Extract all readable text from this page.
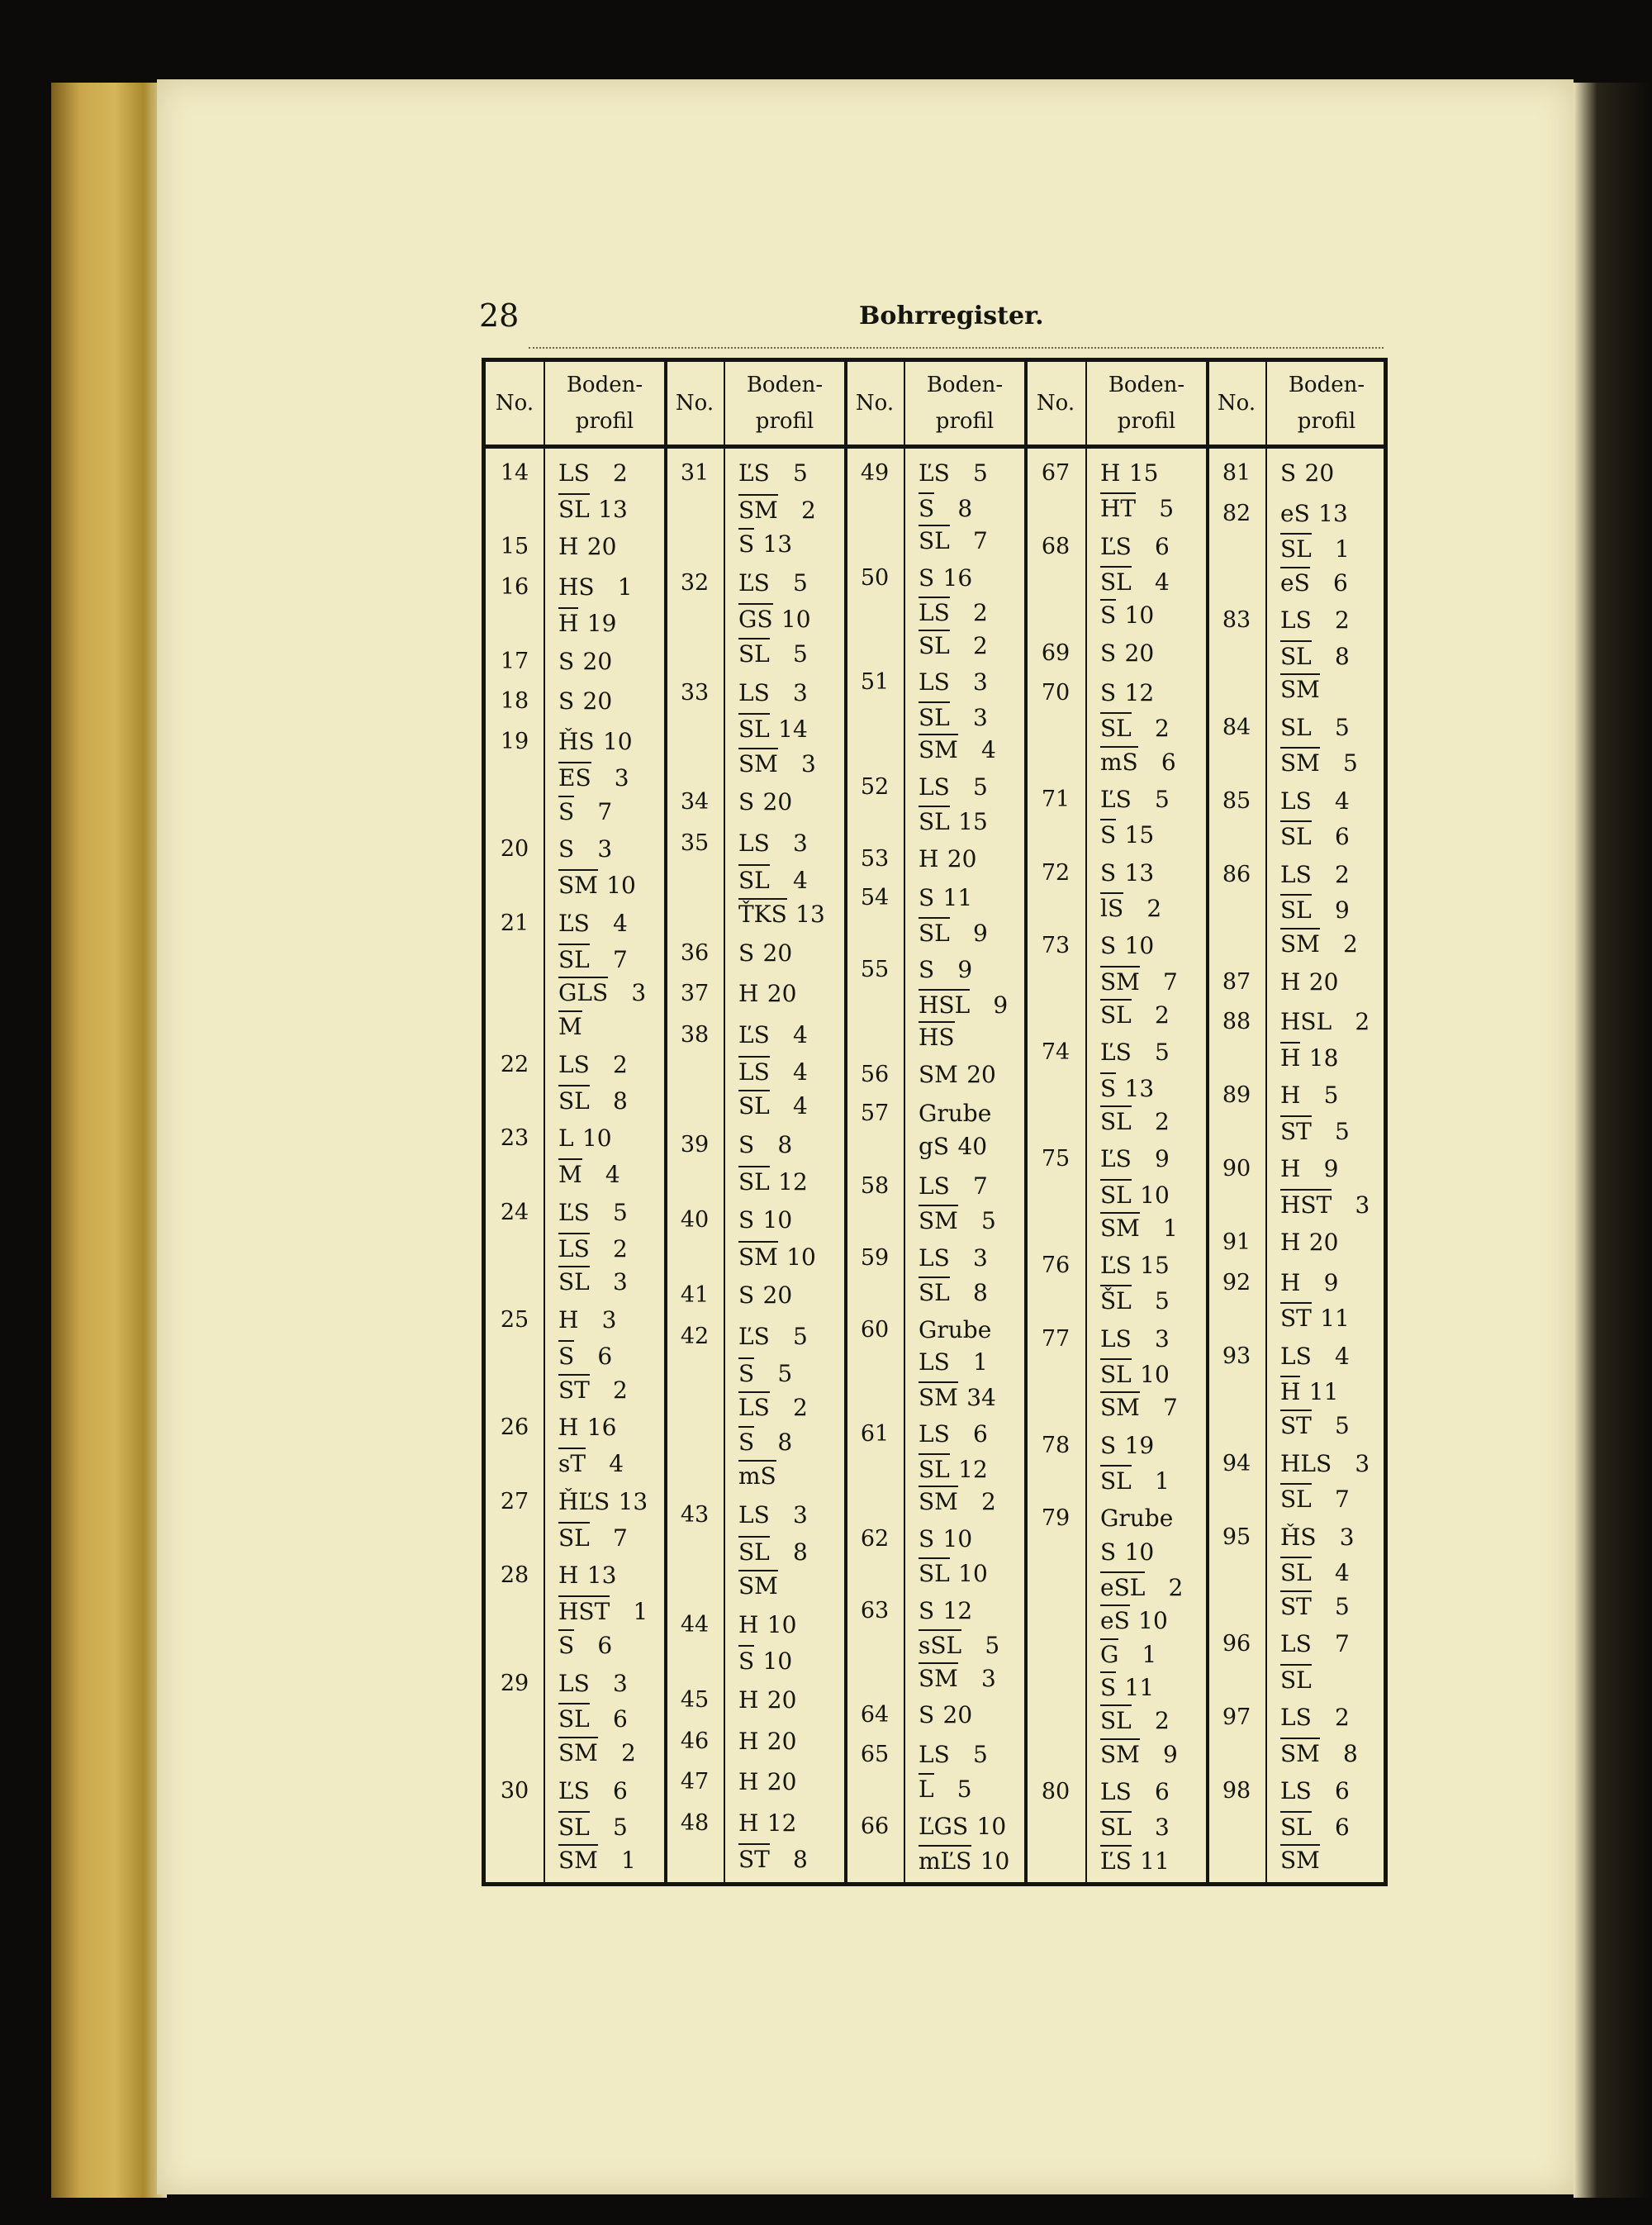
28	Bohrregister.
No.
Boden-
profil
No.
Boden-
profil
No.
Boden-
profil
No.
Boden-
profil
No.
Boden-
profil
14	LS 2
SL 13
15	H 20
16	HS 1
H 19
17	S 20
18	S 20
19	ȞS 10
ES 3
S 7
20	S 3
SM 10
21	ĽS 4
SL 7
GLS 3
M
22	LS 2
SL 8
23	L 10
M 4
24	ĽS 5
LS 2
SL 3
25	H 3
S 6
ST 2
26	H 16
sT 4
27	ȞĽS 13
SL 7
28	H 13
HST 1
S 6
29	LS 3
SL 6
SM 2
30	ĽS 6
SL 5
SM 1
31	ĽS 5
SM 2
S 13
32	ĽS 5
GS 10
SL 5
33	LS 3
SL 14
SM 3
34	S 20
35	LS 3
SL 4
ŤKS 13
36	S 20
37	H 20
38	ĽS 4
LS 4
SL 4
39	S 8
SL 12
40	S 10
SM 10
41	S 20
42	ĽS 5
S 5
LS 2
S 8
mS
43	LS 3
SL 8
SM
44	H 10
S 10
45	H 20
46	H 20
47	H 20
48	H 12
ST 8
49	ĽS 5
S 8
SL 7
50	S 16
LS 2
SL 2
51	LS 3
SL 3
SM 4
52	LS 5
SL 15
53	H 20
54	S 11
SL 9
55	S 9
HSL 9
HS
56	SM 20
57	Grube
gS 40
58	LS 7
SM 5
59	LS 3
SL 8
60	Grube
LS 1
SM 34
61	LS 6
SL 12
SM 2
62	S 10
SL 10
63	S 12
sSL 5
SM 3
64	S 20
65	LS 5
L 5
66	ĽGS 10
mĽS 10
67	H 15
HT 5
68	ĽS 6
SL 4
S 10
69	S 20
70	S 12
SL 2
mS 6
71	ĽS 5
S 15
72	S 13
lS 2
73	S 10
SM 7
SL 2
74	ĽS 5
S 13
SL 2
75	ĽS 9
SL 10
SM 1
76	ĽS 15
ŠL 5
77	LS 3
SL 10
SM 7
78	S 19
SL 1
79	Grube
S 10
eSL 2
eS 10
G 1
S 11
SL 2
SM 9
80	LS 6
SL 3
ĽS 11
81	S 20
82	eS 13
SL 1
eS 6
83	LS 2
SL 8
SM
84	SL 5
SM 5
85	LS 4
SL 6
86	LS 2
SL 9
SM 2
87	H 20
88	HSL 2
H 18
89	H 5
ST 5
90	H 9
HST 3
91	H 20
92	H 9
ST 11
93	LS 4
H 11
ST 5
94	HLS 3
SL 7
95	ȞS 3
SL 4
ST 5
96	LS 7
SL
97	LS 2
SM 8
98	LS 6
SL 6
SM
